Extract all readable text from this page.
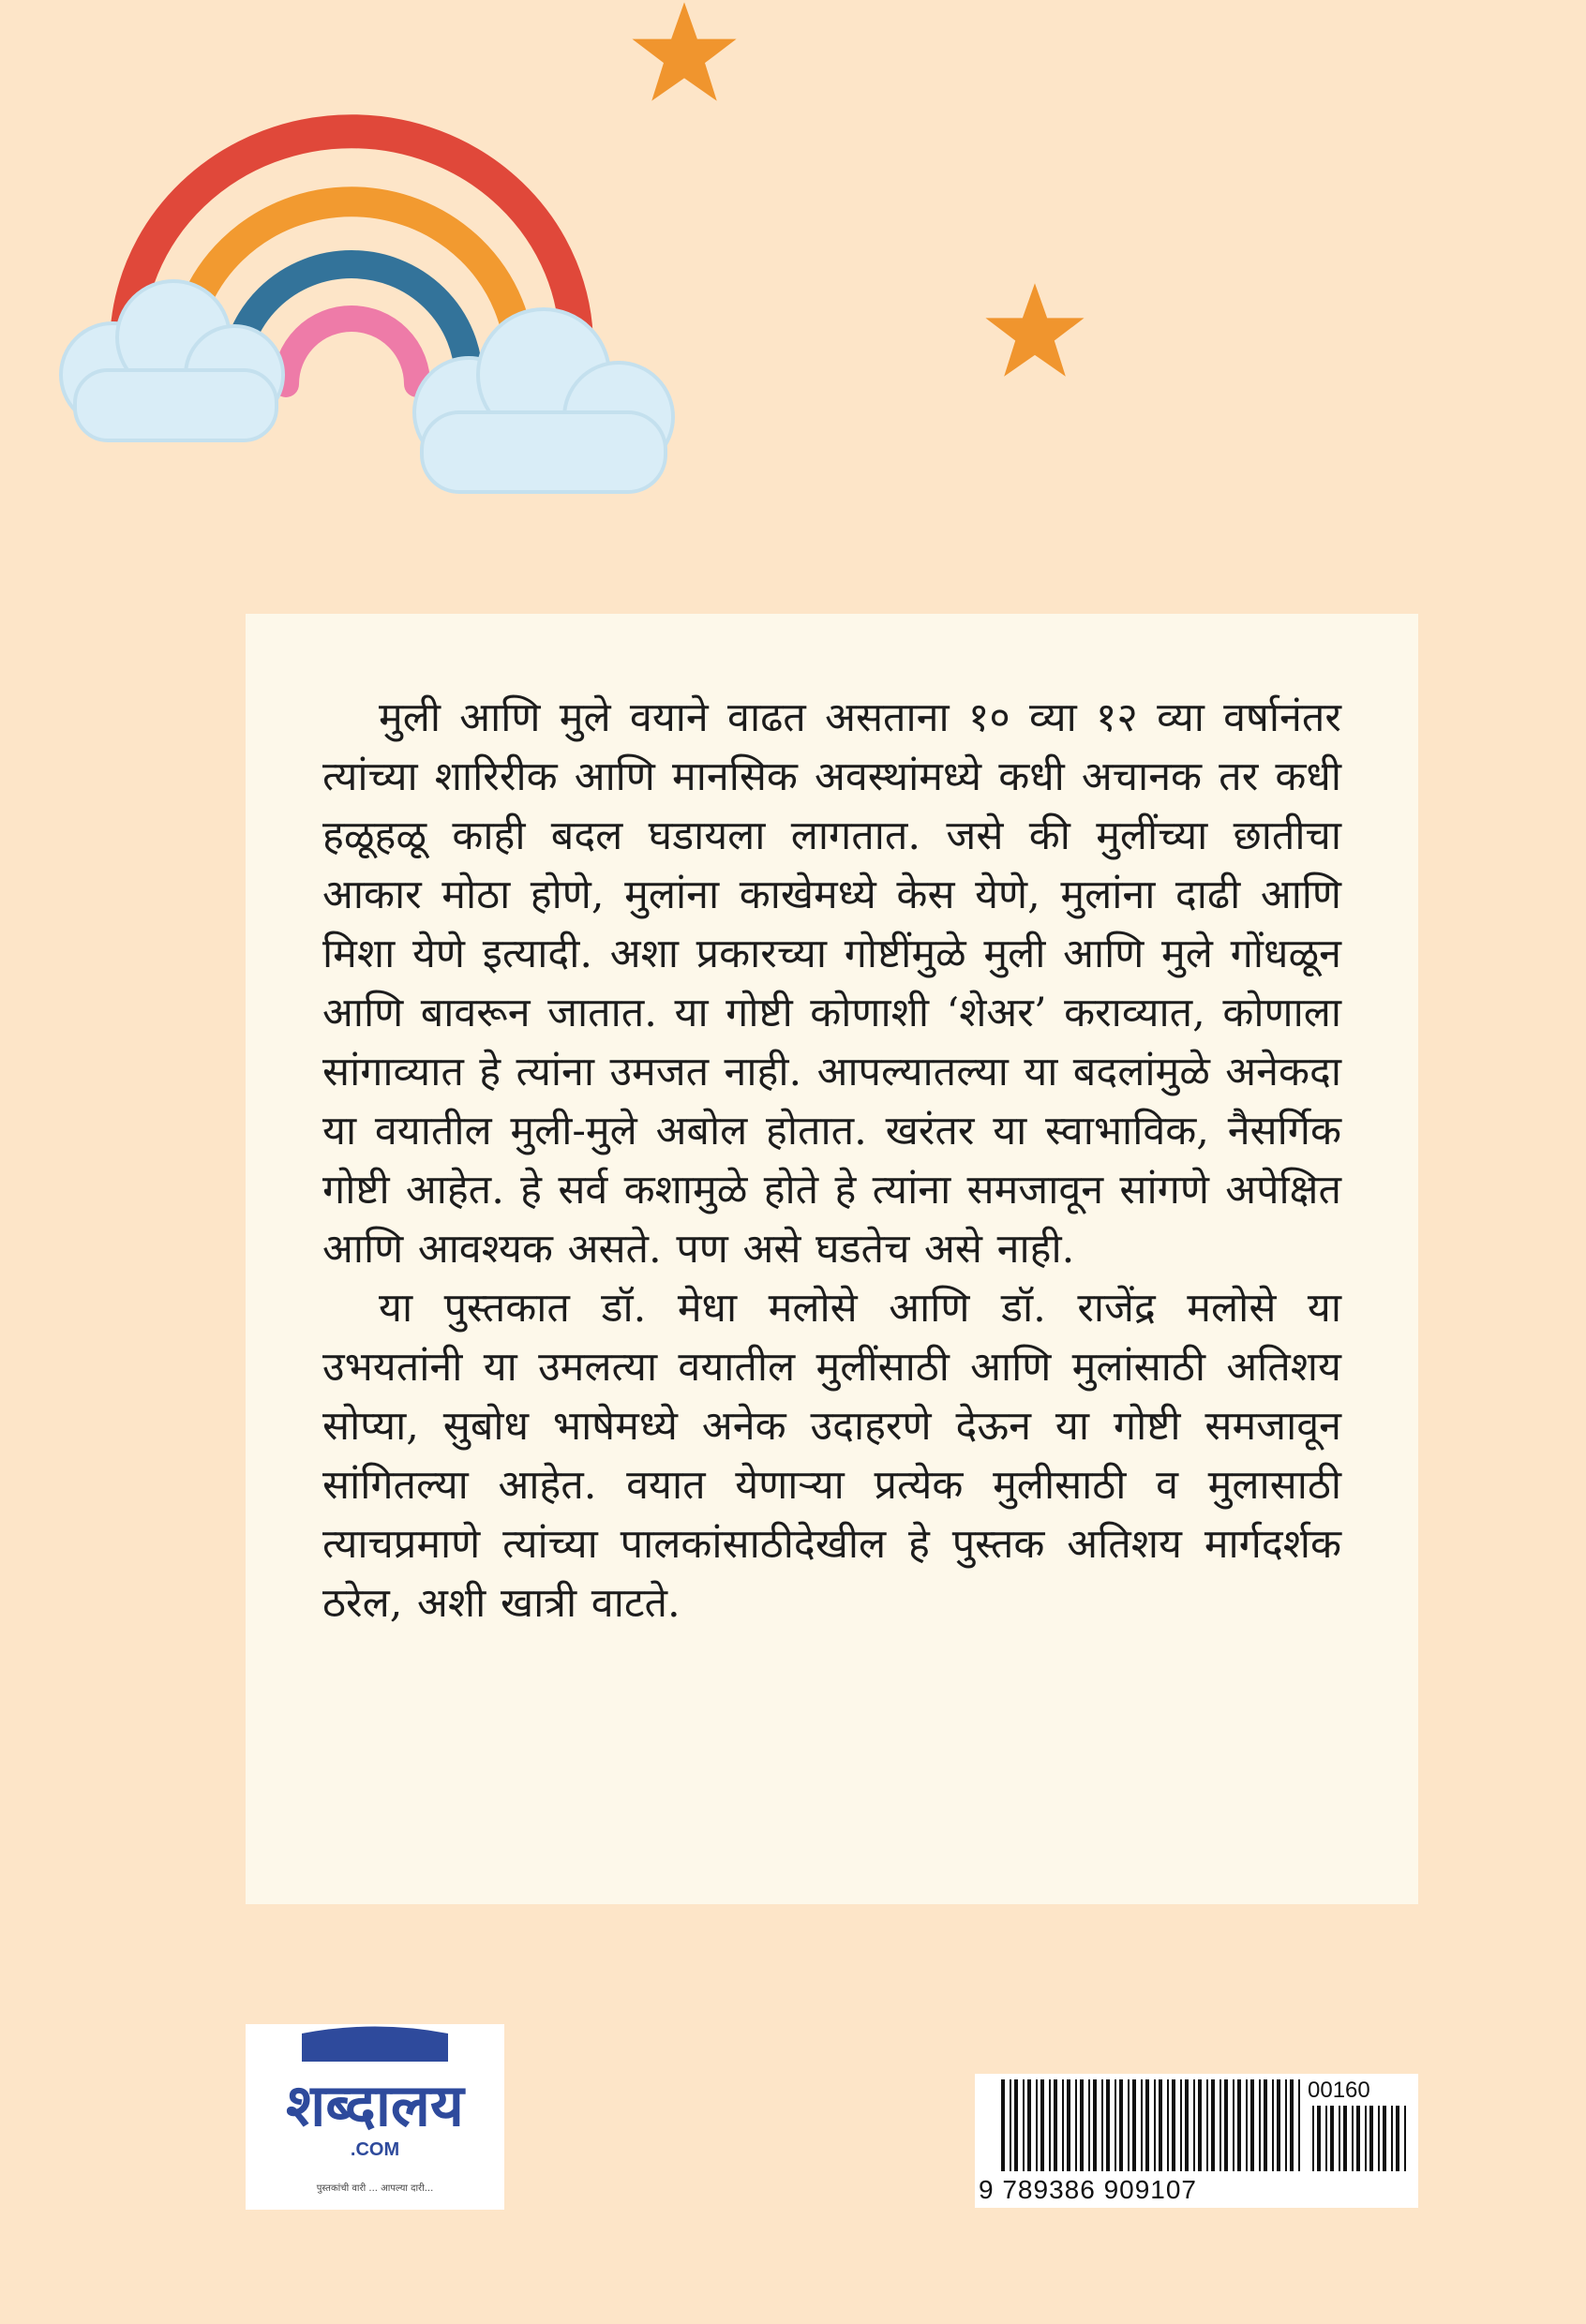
मुली आणि मुले वयाने वाढत असताना १० व्या १२ व्या वर्षानंतर त्यांच्या शारिरीक आणि मानसिक अवस्थांमध्ये कधी अचानक तर कधी हळूहळू काही बदल घडायला लागतात. जसे की मुलींच्या छातीचा आकार मोठा होणे, मुलांना काखेमध्ये केस येणे, मुलांना दाढी आणि मिशा येणे इत्यादी. अशा प्रकारच्या गोष्टींमुळे मुली आणि मुले गोंधळून आणि बावरून जातात. या गोष्टी कोणाशी ‘शेअर’ कराव्यात, कोणाला सांगाव्यात हे त्यांना उमजत नाही. आपल्यातल्या या बदलांमुळे अनेकदा या वयातील मुली-मुले अबोल होतात. खरंतर या स्वाभाविक, नैसर्गिक गोष्टी आहेत. हे सर्व कशामुळे होते हे त्यांना समजावून सांगणे अपेक्षित आणि आवश्यक असते. पण असे घडतेच असे नाही.

या पुस्तकात डॉ. मेधा मलोसे आणि डॉ. राजेंद्र मलोसे या उभयतांनी या उमलत्या वयातील मुलींसाठी आणि मुलांसाठी अतिशय सोप्या, सुबोध भाषेमध्ये अनेक उदाहरणे देऊन या गोष्टी समजावून सांगितल्या आहेत. वयात येणाऱ्या प्रत्येक मुलीसाठी व मुलासाठी त्याचप्रमाणे त्यांच्या पालकांसाठीदेखील हे पुस्तक अतिशय मार्गदर्शक ठरेल, अशी खात्री वाटते.

शब्दालय
.COM
पुस्तकांची वारी ... आपल्या दारी...
00160
9 789386 909107
